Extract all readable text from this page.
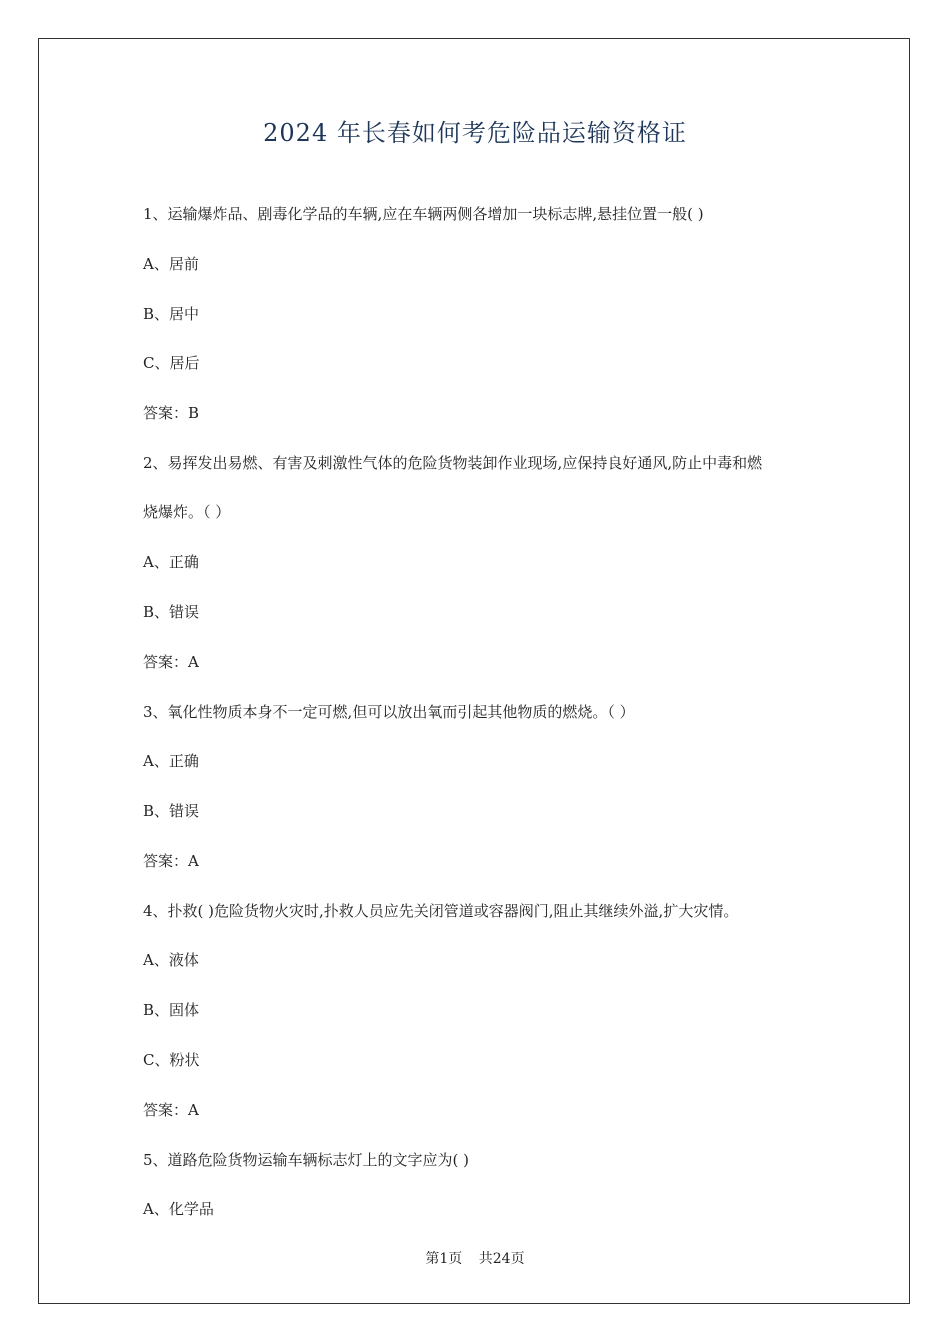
2024 年长春如何考危险品运输资格证
1、运输爆炸品、剧毒化学品的车辆,应在车辆两侧各增加一块标志牌,悬挂位置一般( )
A、居前
B、居中
C、居后
答案：B
2、易挥发出易燃、有害及刺激性气体的危险货物装卸作业现场,应保持良好通风,防止中毒和燃
烧爆炸。（ ）
A、正确
B、错误
答案：A
3、氧化性物质本身不一定可燃,但可以放出氧而引起其他物质的燃烧。（ ）
A、正确
B、错误
答案：A
4、扑救( )危险货物火灾时,扑救人员应先关闭管道或容器阀门,阻止其继续外溢,扩大灾情。
A、液体
B、固体
C、粉状
答案：A
5、道路危险货物运输车辆标志灯上的文字应为( )
A、化学品
第1页 共24页
